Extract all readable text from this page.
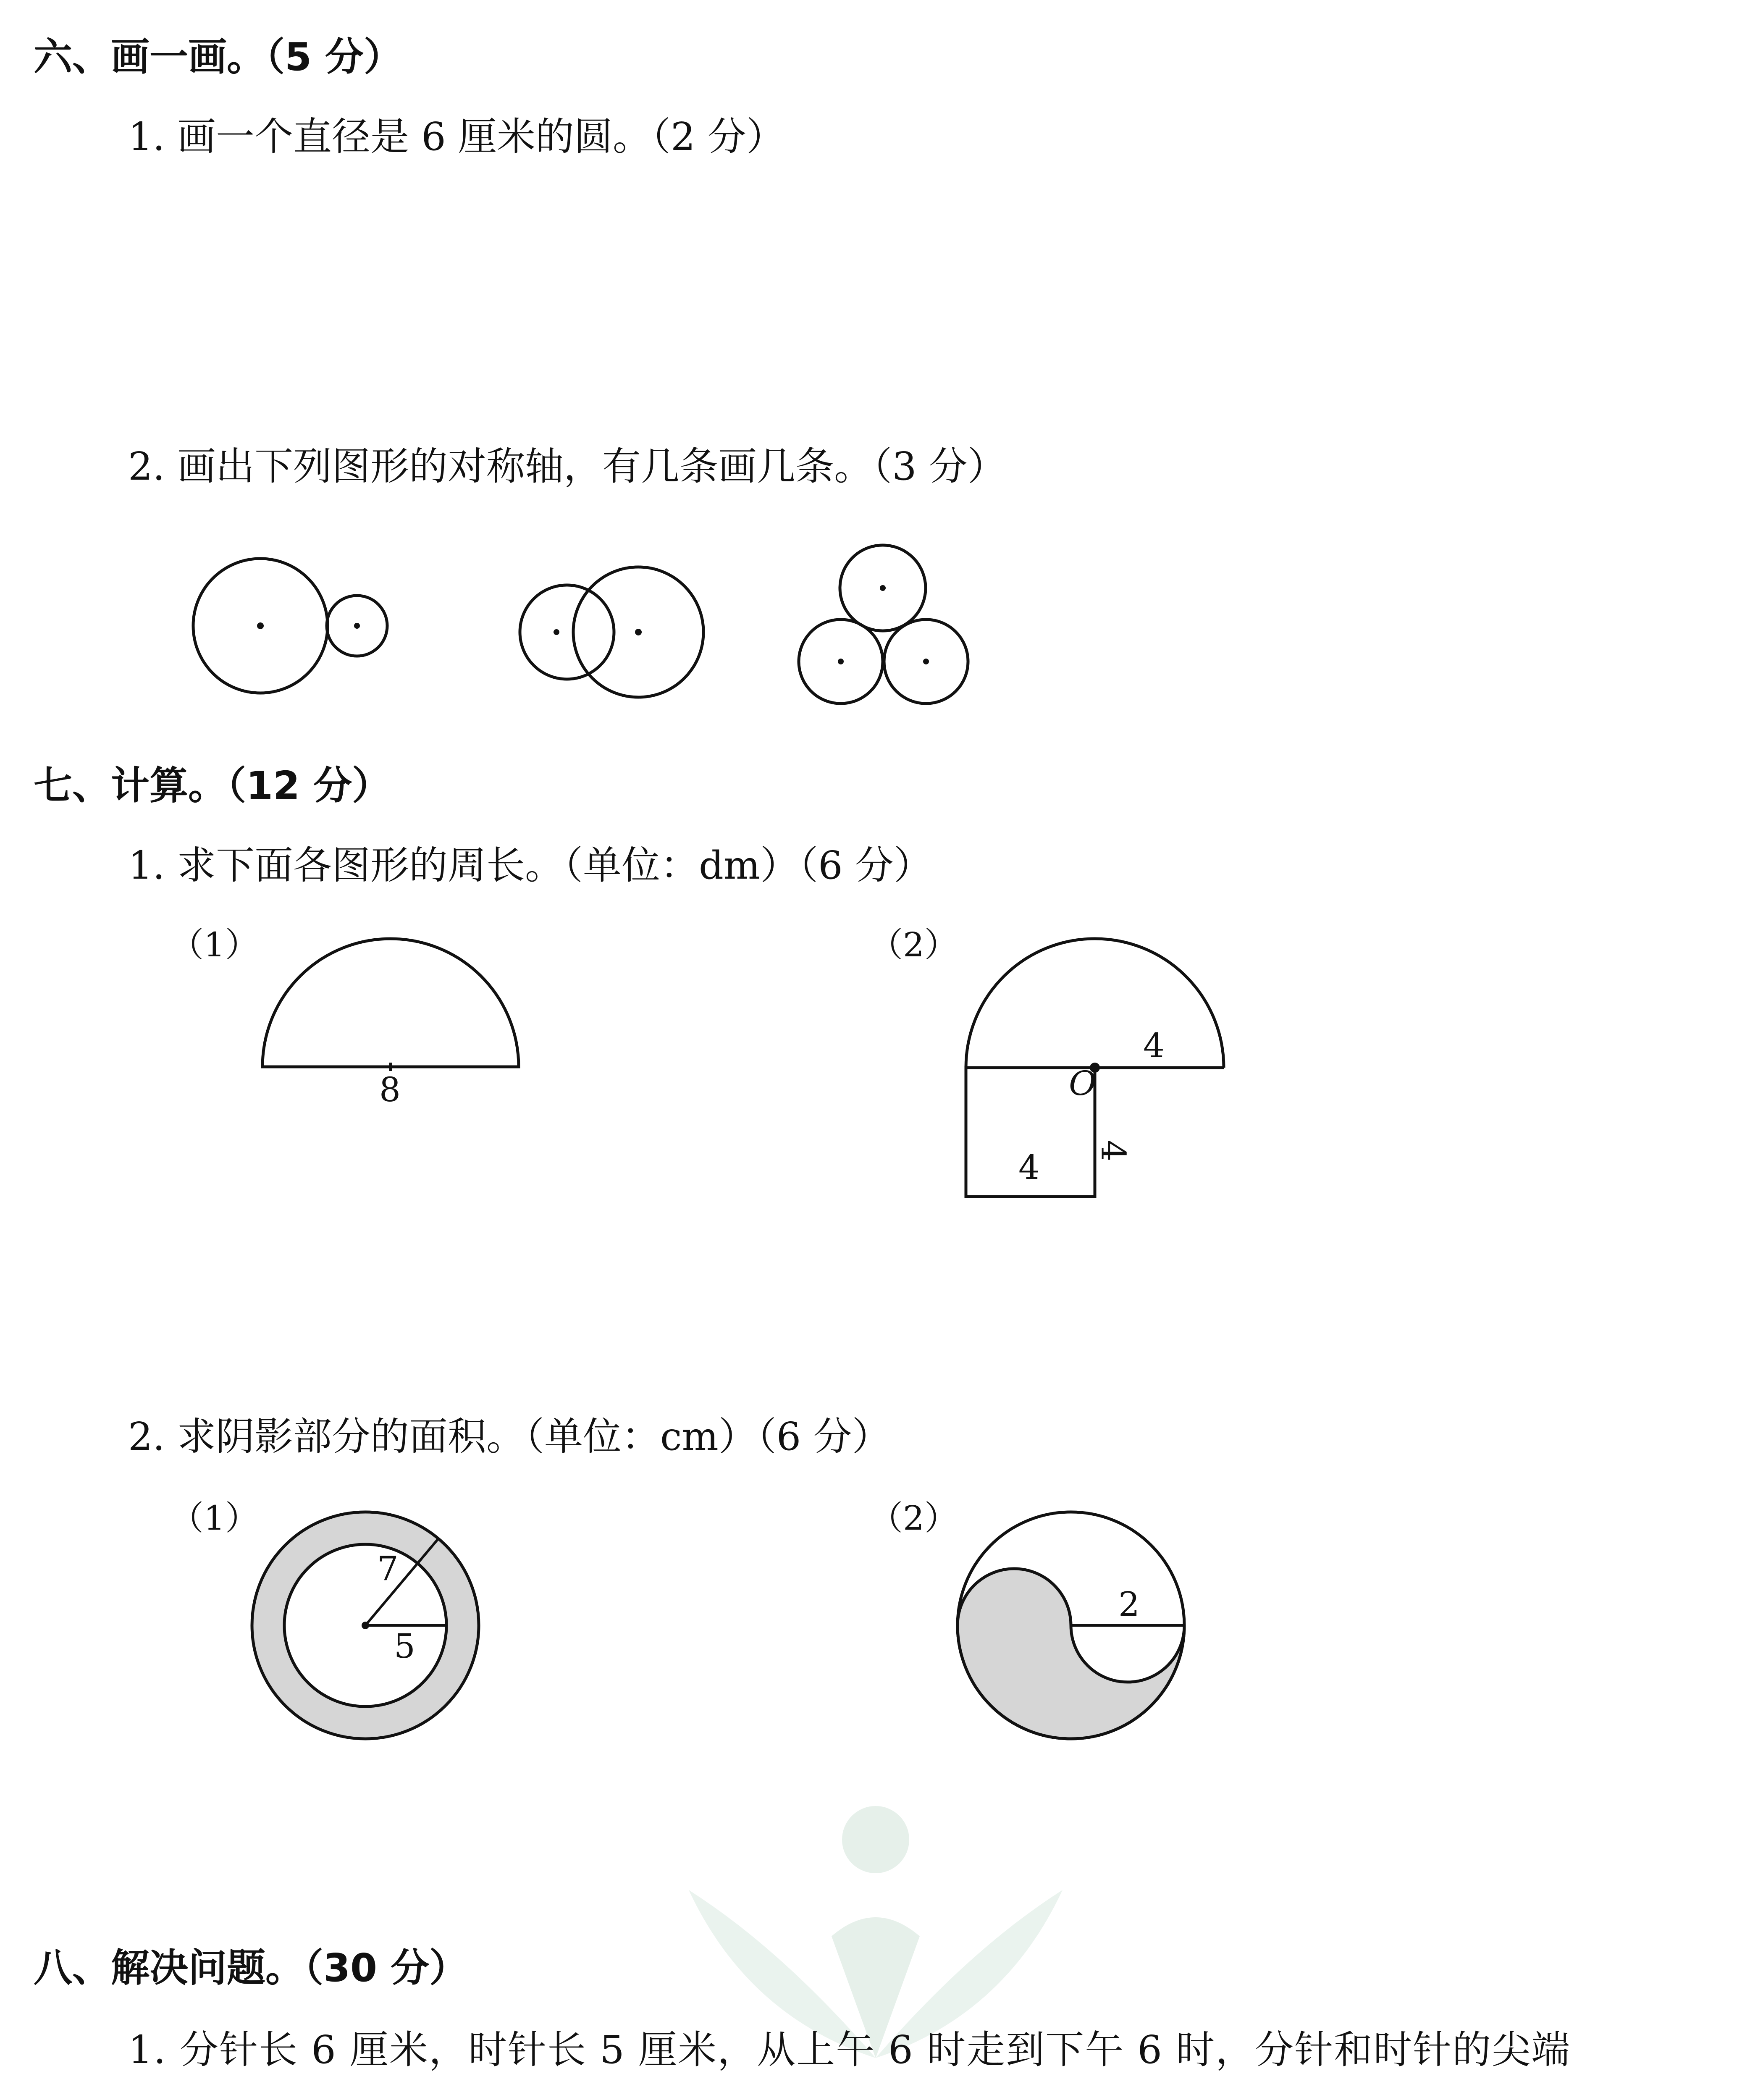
六、画一画。（5 分）
1. 画一个直径是 6 厘米的圆。（2 分）
2. 画出下列图形的对称轴，有几条画几条。（3 分）
七、计算。（12 分）
1. 求下面各图形的周长。（单位：dm）（6 分）
（1）
8
（2）
4
O
4
4
2. 求阴影部分的面积。（单位：cm）（6 分）
（1）
7
5
（2）
2
八、解决问题。（30 分）
1. 分针长 6 厘米，时针长 5 厘米，从上午 6 时走到下午 6 时，分针和时针的尖端
